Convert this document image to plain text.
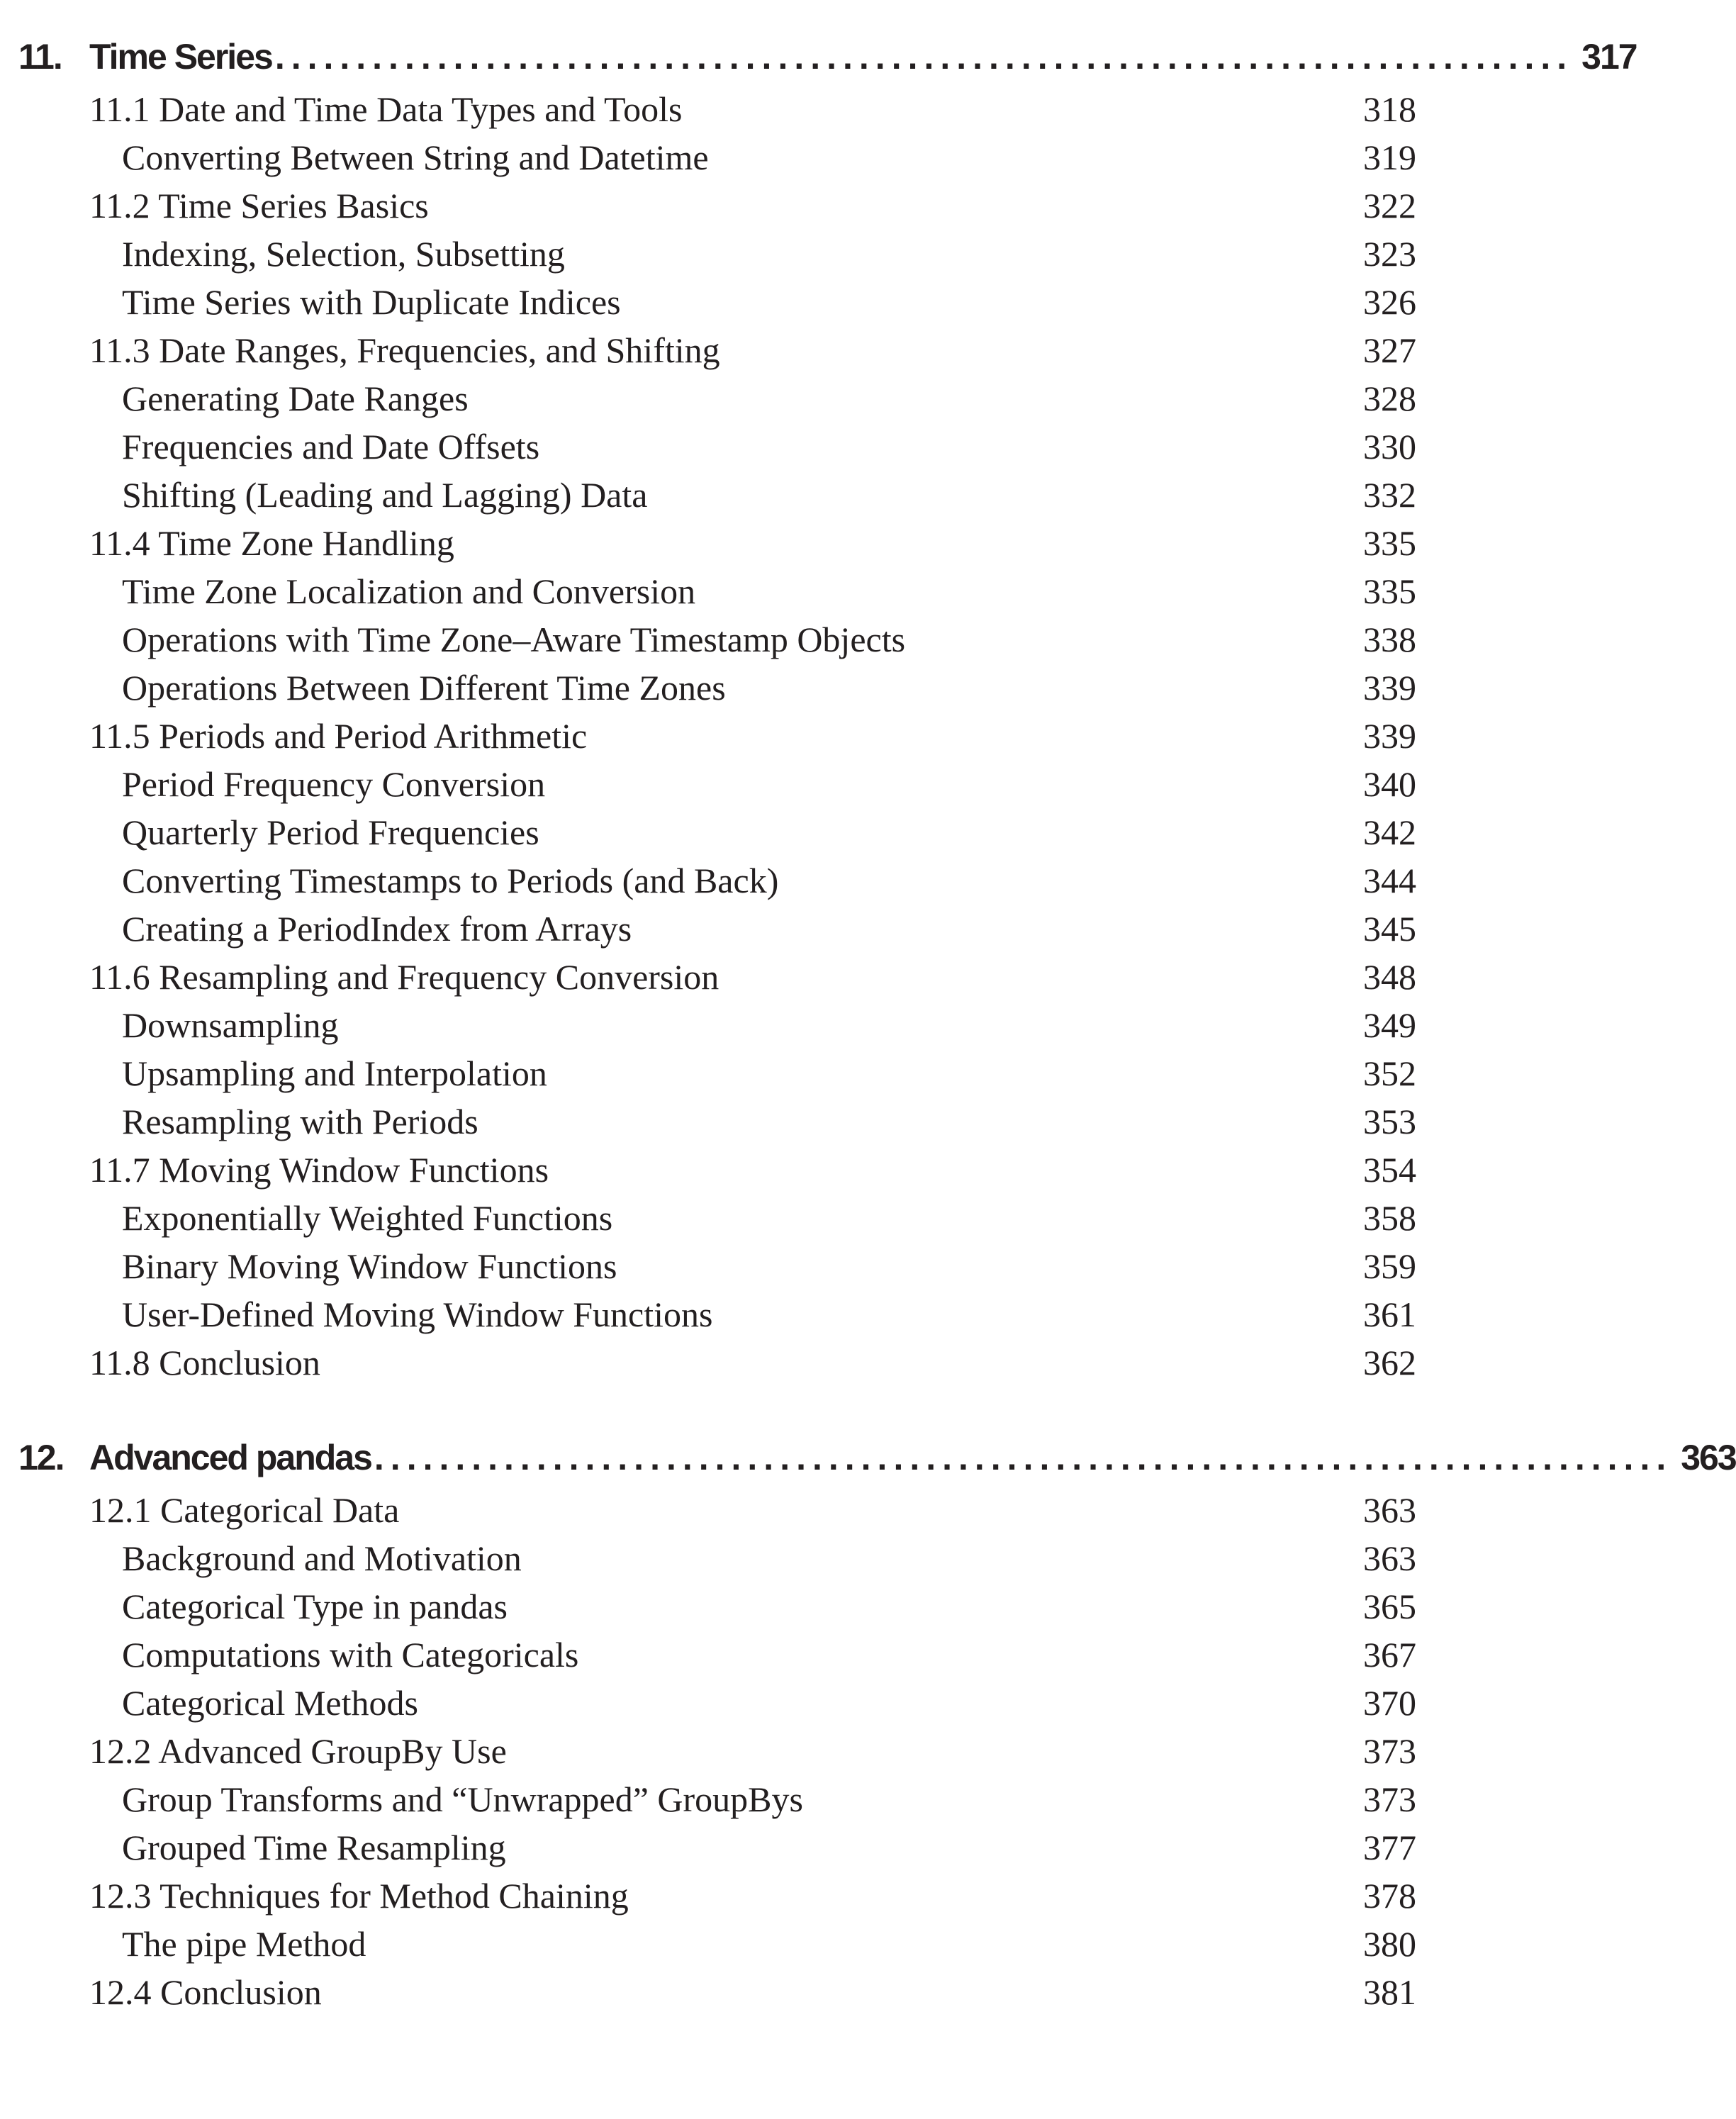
11. Time Series ................................................................................ 317
11.1 Date and Time Data Types and Tools	318
Converting Between String and Datetime	319
11.2 Time Series Basics	322
Indexing, Selection, Subsetting	323
Time Series with Duplicate Indices	326
11.3 Date Ranges, Frequencies, and Shifting	327
Generating Date Ranges	328
Frequencies and Date Offsets	330
Shifting (Leading and Lagging) Data	332
11.4 Time Zone Handling	335
Time Zone Localization and Conversion	335
Operations with Time Zone–Aware Timestamp Objects	338
Operations Between Different Time Zones	339
11.5 Periods and Period Arithmetic	339
Period Frequency Conversion	340
Quarterly Period Frequencies	342
Converting Timestamps to Periods (and Back)	344
Creating a PeriodIndex from Arrays	345
11.6 Resampling and Frequency Conversion	348
Downsampling	349
Upsampling and Interpolation	352
Resampling with Periods	353
11.7 Moving Window Functions	354
Exponentially Weighted Functions	358
Binary Moving Window Functions	359
User-Defined Moving Window Functions	361
11.8 Conclusion	362
12. Advanced pandas ................................................................................ 363
12.1 Categorical Data	363
Background and Motivation	363
Categorical Type in pandas	365
Computations with Categoricals	367
Categorical Methods	370
12.2 Advanced GroupBy Use	373
Group Transforms and “Unwrapped” GroupBys	373
Grouped Time Resampling	377
12.3 Techniques for Method Chaining	378
The pipe Method	380
12.4 Conclusion	381
